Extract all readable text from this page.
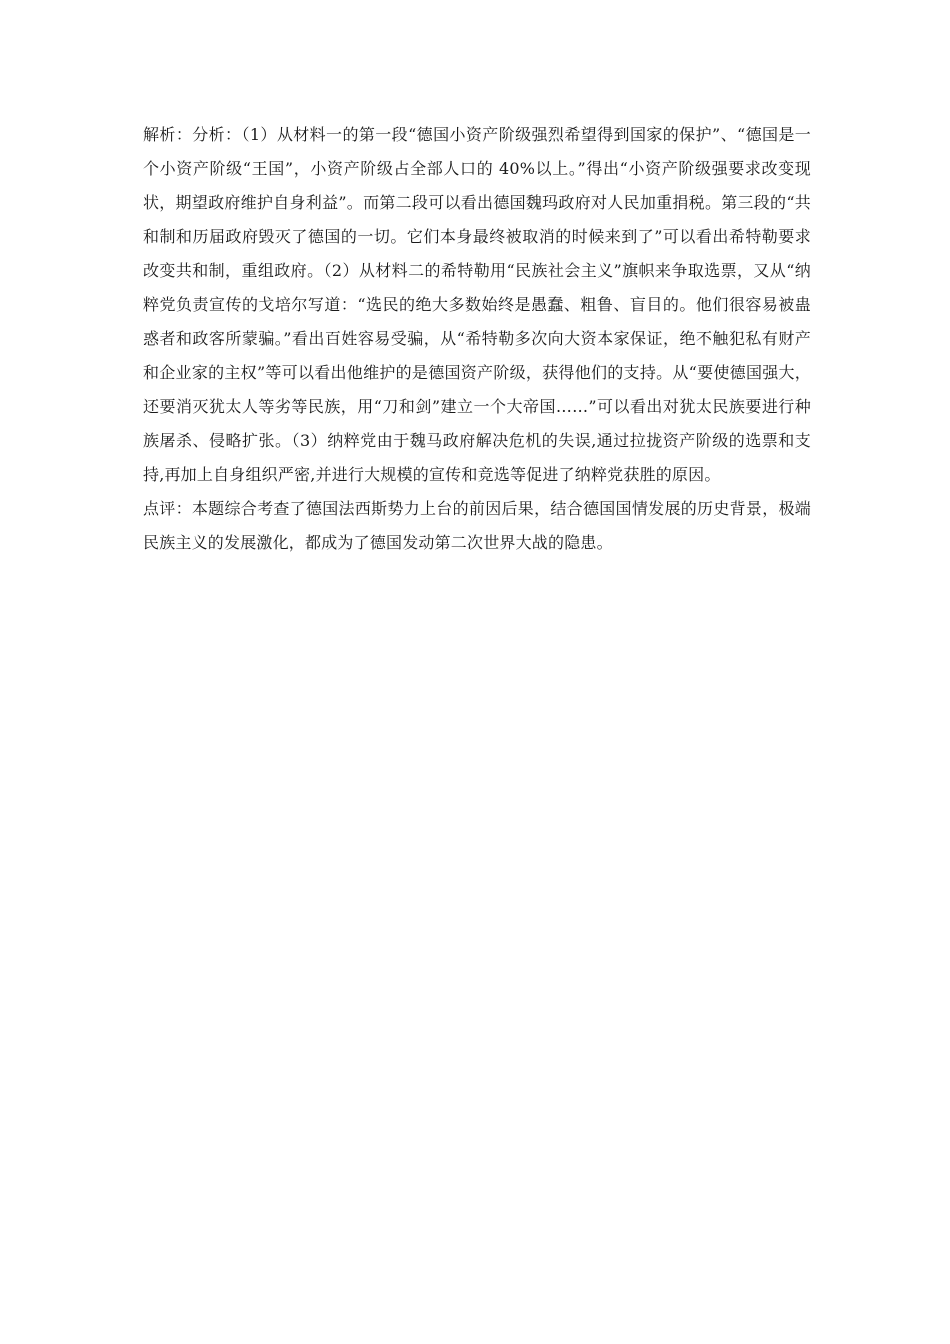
解析：分析：（1）从材料一的第一段“德国小资产阶级强烈希望得到国家的保护”、“德国是一个小资产阶级“王国”，小资产阶级占全部人口的 40%以上。”得出“小资产阶级强要求改变现状，期望政府维护自身利益”。而第二段可以看出德国魏玛政府对人民加重捐税。第三段的“共和制和历届政府毁灭了德国的一切。它们本身最终被取消的时候来到了”可以看出希特勒要求改变共和制，重组政府。（2）从材料二的希特勒用“民族社会主义”旗帜来争取选票，又从“纳粹党负责宣传的戈培尔写道：“选民的绝大多数始终是愚蠢、粗鲁、盲目的。他们很容易被蛊惑者和政客所蒙骗。”看出百姓容易受骗，从“希特勒多次向大资本家保证，绝不触犯私有财产和企业家的主权”等可以看出他维护的是德国资产阶级，获得他们的支持。从“要使德国强大，还要消灭犹太人等劣等民族，用“刀和剑”建立一个大帝国……”可以看出对犹太民族要进行种族屠杀、侵略扩张。（3）纳粹党由于魏马政府解决危机的失误,通过拉拢资产阶级的选票和支持,再加上自身组织严密,并进行大规模的宣传和竞选等促进了纳粹党获胜的原因。

点评：本题综合考查了德国法西斯势力上台的前因后果，结合德国国情发展的历史背景，极端民族主义的发展激化，都成为了德国发动第二次世界大战的隐患。
